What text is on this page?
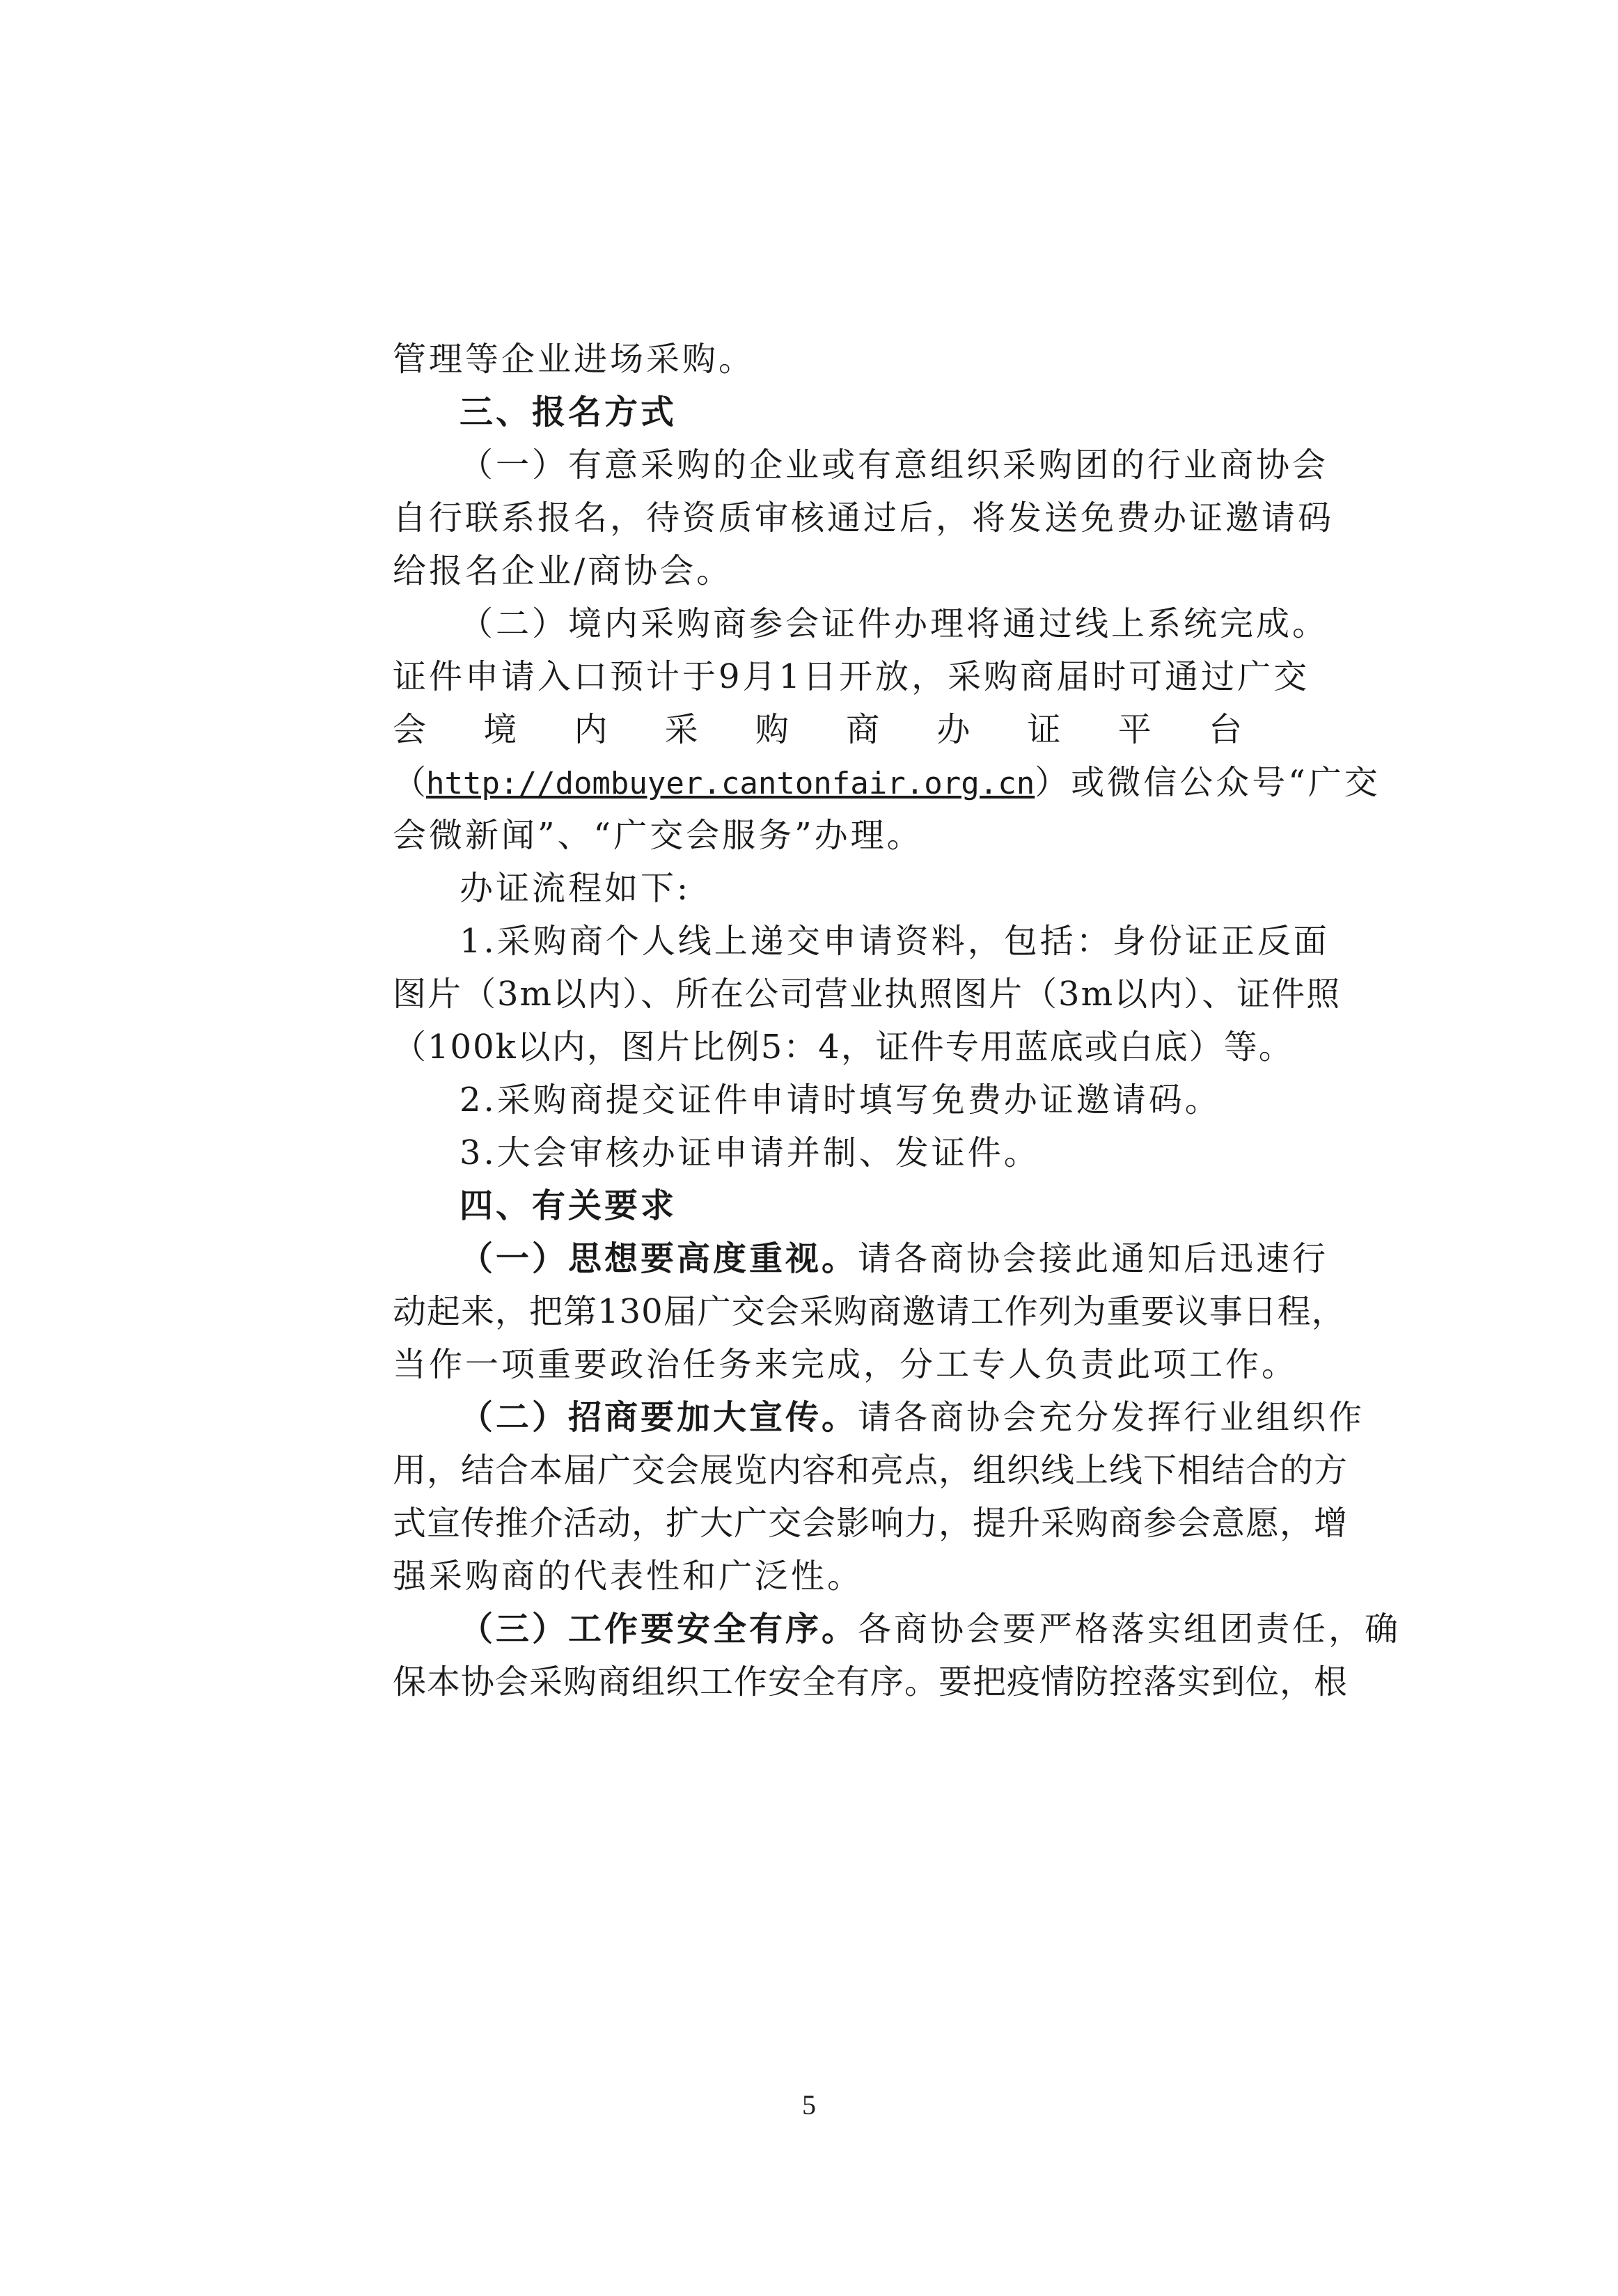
管理等企业进场采购。
三、报名方式
（一）有意采购的企业或有意组织采购团的行业商协会
自行联系报名，待资质审核通过后，将发送免费办证邀请码
给报名企业/商协会。
（二）境内采购商参会证件办理将通过线上系统完成。
证件申请入口预计于9月1日开放，采购商届时可通过广交
会 境 内 采 购 商 办 证 平 台
（http://dombuyer.cantonfair.org.cn）或微信公众号“广交
会微新闻”、“广交会服务”办理。
办证流程如下:
1.采购商个人线上递交申请资料，包括：身份证正反面
图片（3m以内）、所在公司营业执照图片（3m以内）、证件照
（100k以内，图片比例5：4，证件专用蓝底或白底）等。
2.采购商提交证件申请时填写免费办证邀请码。
3.大会审核办证申请并制、发证件。
四、有关要求
（一）思想要高度重视。请各商协会接此通知后迅速行
动起来，把第130届广交会采购商邀请工作列为重要议事日程，
当作一项重要政治任务来完成，分工专人负责此项工作。
（二）招商要加大宣传。请各商协会充分发挥行业组织作
用，结合本届广交会展览内容和亮点，组织线上线下相结合的方
式宣传推介活动，扩大广交会影响力，提升采购商参会意愿，增
强采购商的代表性和广泛性。
（三）工作要安全有序。各商协会要严格落实组团责任，确
保本协会采购商组织工作安全有序。要把疫情防控落实到位，根
5
